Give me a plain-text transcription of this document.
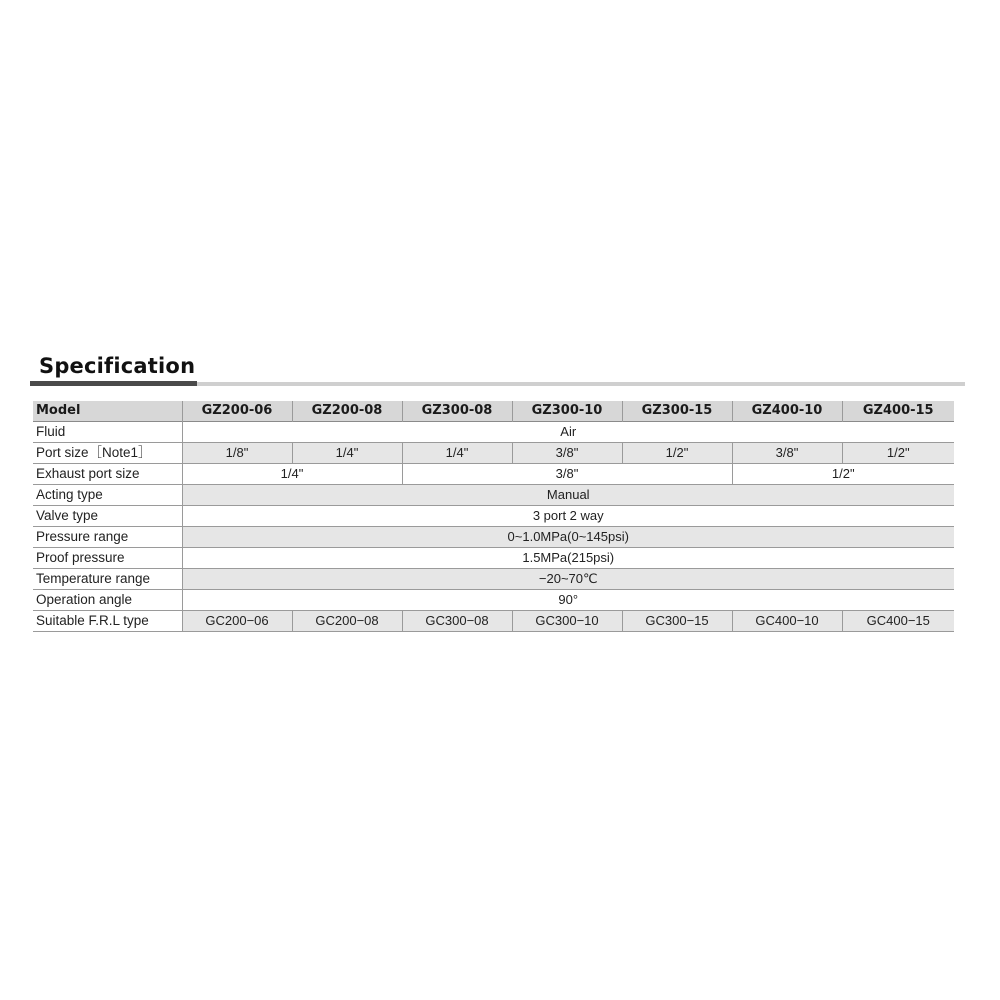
Specification
Model	GZ200-06	GZ200-08	GZ300-08	GZ300-10	GZ300-15	GZ400-10	GZ400-15
Fluid	Air						
Port size［Note1］	1/8"	1/4"	1/4"	3/8"	1/2"	3/8"	1/2"
Exhaust port size	1/4"		3/8"			1/2"	
Acting type	Manual						
Valve type	3 port 2 way						
Pressure range	0~1.0MPa(0~145psi)						
Proof pressure	1.5MPa(215psi)						
Temperature range	−20~70℃						
Operation angle	90°						
Suitable F.R.L type	GC200−06	GC200−08	GC300−08	GC300−10	GC300−15	GC400−10	GC400−15
